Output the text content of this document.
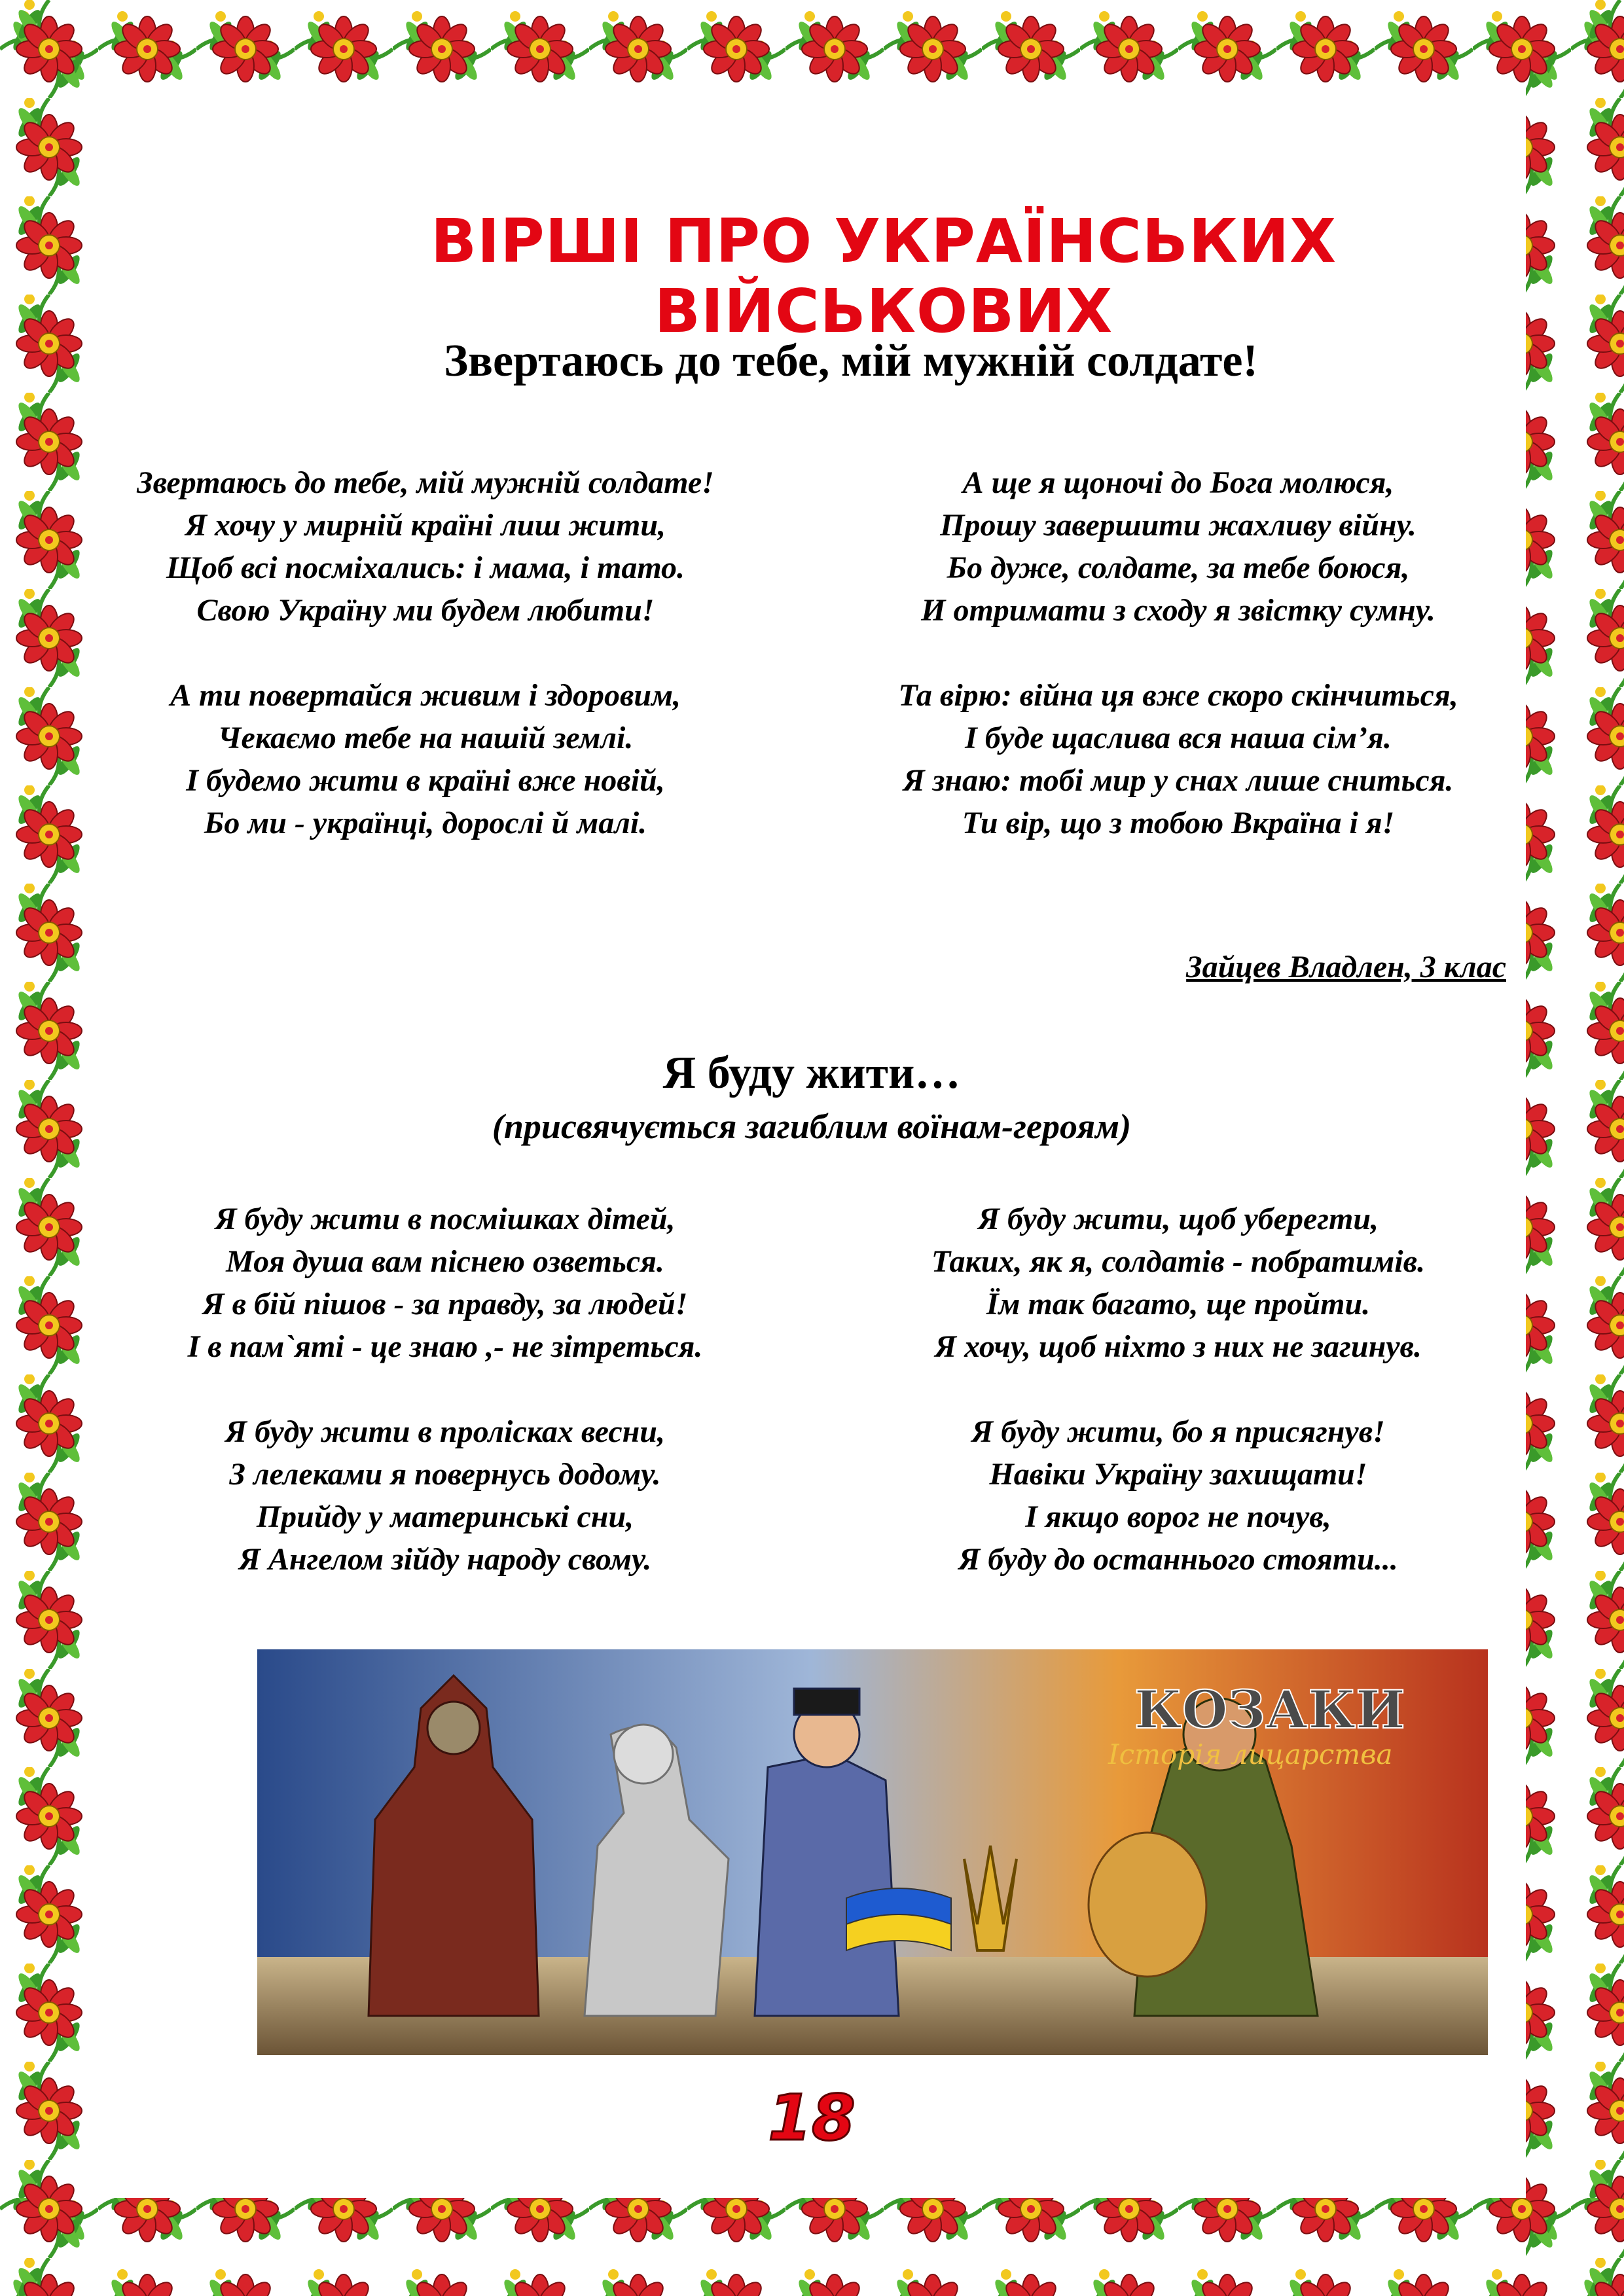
ВІРШІ ПРО УКРАЇНСЬКИХ ВІЙСЬКОВИХ
Звертаюсь до тебе, мій мужній солдате!
Звертаюсь до тебе, мій мужній солдате!
Я хочу у мирній країні лиш жити,
Щоб всі посміхались: і мама, і тато.
Свою Україну ми будем любити!
А ти повертайся живим і здоровим,
Чекаємо тебе на нашій землі.
І будемо жити в країні вже новій,
Бо ми - українці, дорослі й малі.
А ще я щоночі до Бога молюся,
Прошу завершити жахливу війну.
Бо дуже, солдате, за тебе боюся,
И отримати з сходу я звістку сумну.
Та вірю: війна ця вже скоро скінчиться,
І буде щаслива вся наша сім’я.
Я знаю: тобі мир у снах лише сниться.
Ти вір, що з тобою Вкраїна і я!
Зайцев Владлен, 3 клас
Я буду жити…
(присвячується загиблим воїнам-героям)
Я буду жити в посмішках дітей,
Моя душа вам піснею озветься.
Я в бій пішов - за правду, за людей!
І в пам`яті - це знаю ,- не зітреться.
Я буду жити в пролісках весни,
З лелеками я повернусь додому.
Прийду у материнські сни,
Я Ангелом зійду народу свому.
Я буду жити, щоб уберегти,
Таких, як я, солдатів - побратимів.
Їм так багато, ще пройти.
Я хочу, щоб ніхто з них не загинув.
Я буду жити, бо я присягнув!
Навіки Україну захищати!
І якщо ворог не почув,
Я буду до останнього стояти...
КОЗАКИ
Історія лицарства
18
